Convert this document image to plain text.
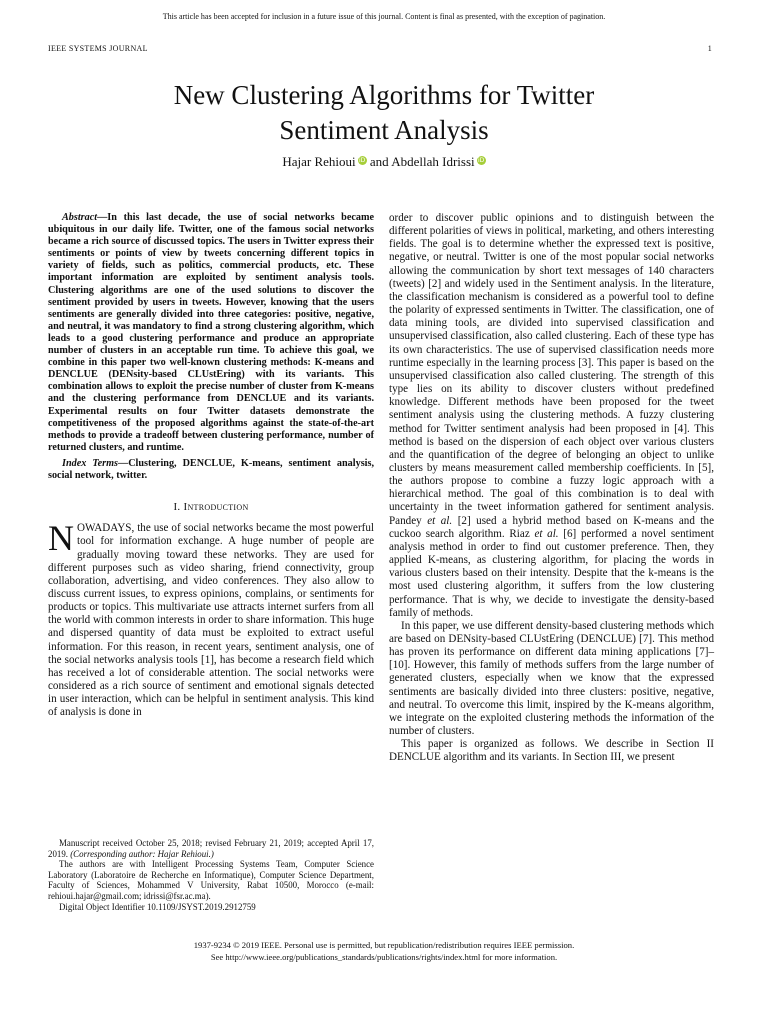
This article has been accepted for inclusion in a future issue of this journal. Content is final as presented, with the exception of pagination.
IEEE SYSTEMS JOURNAL	1
New Clustering Algorithms for Twitter
Sentiment Analysis
Hajar Rehioui iD and Abdellah Idrissi iD

Abstract—In this last decade, the use of social networks became ubiquitous in our daily life. Twitter, one of the famous social networks became a rich source of discussed topics. The users in Twitter express their sentiments or points of view by tweets concerning different topics in variety of fields, such as politics, commercial products, etc. These important information are exploited by sentiment analysis tools. Clustering algorithms are one of the used solutions to discover the sentiment provided by users in tweets. However, knowing that the users sentiments are generally divided into three categories: positive, negative, and neutral, it was mandatory to find a strong clustering algorithm, which leads to a good clustering performance and produce an appropriate number of clusters in an acceptable run time. To achieve this goal, we combine in this paper two well-known clustering methods: K-means and DENCLUE (DENsity-based CLUstEring) with its variants. This combination allows to exploit the precise number of cluster from K-means and the clustering performance from DENCLUE and its variants. Experimental results on four Twitter datasets demonstrate the competitiveness of the proposed algorithms against the state-of-the-art methods to provide a tradeoff between clustering performance, number of returned clusters, and runtime.

Index Terms—Clustering, DENCLUE, K-means, sentiment analysis, social network, twitter.

I. Introduction

NOWADAYS, the use of social networks became the most powerful tool for information exchange. A huge number of people are gradually moving toward these networks. They are used for different purposes such as video sharing, friend connectivity, group collaboration, advertising, and video conferences. They also allow to discuss current issues, to express opinions, complains, or sentiments for products or topics. This multivariate use attracts internet surfers from all the world with common interests in order to share information. This huge and dispersed quantity of data must be exploited to extract useful information. For this reason, in recent years, sentiment analysis, one of the social networks analysis tools [1], has become a research field which has received a lot of considerable attention. The social networks were considered as a rich source of sentiment and emotional signals detected in user interaction, which can be helpful in sentiment analysis. This kind of analysis is done in

Manuscript received October 25, 2018; revised February 21, 2019; accepted April 17, 2019. (Corresponding author: Hajar Rehioui.)

The authors are with Intelligent Processing Systems Team, Computer Science Laboratory (Laboratoire de Recherche en Informatique), Computer Science Department, Faculty of Sciences, Mohammed V University, Rabat 10500, Morocco (e-mail: rehioui.hajar@gmail.com; idrissi@fsr.ac.ma).

Digital Object Identifier 10.1109/JSYST.2019.2912759

order to discover public opinions and to distinguish between the different polarities of views in political, marketing, and others interesting fields. The goal is to determine whether the expressed text is positive, negative, or neutral. Twitter is one of the most popular social networks allowing the communication by short text messages of 140 characters (tweets) [2] and widely used in the Sentiment analysis. In the literature, the classification mechanism is considered as a powerful tool to define the polarity of expressed sentiments in Twitter. The classification, one of data mining tools, are divided into supervised classification and unsupervised classification, also called clustering. Each of these type has its own characteristics. The use of supervised classification needs more runtime especially in the learning process [3]. This paper is based on the unsupervised classification also called clustering. The strength of this type lies on its ability to discover clusters without predefined knowledge. Different methods have been proposed for the tweet sentiment analysis using the clustering methods. A fuzzy clustering method for Twitter sentiment analysis had been proposed in [4]. This method is based on the dispersion of each object over various clusters and the quantification of the degree of belonging an object to unlike clusters by means measurement called membership coefficients. In [5], the authors propose to combine a fuzzy logic approach with a hierarchical method. The goal of this combination is to deal with uncertainty in the tweet information gathered for sentiment analysis. Pandey et al. [2] used a hybrid method based on K-means and the cuckoo search algorithm. Riaz et al. [6] performed a novel sentiment analysis method in order to find out customer preference. Then, they applied K-means, as clustering algorithm, for placing the words in various clusters based on their intensity. Despite that the k-means is the most used clustering algorithm, it suffers from the low clustering performance. That is why, we decide to investigate the density-based family of methods.

In this paper, we use different density-based clustering methods which are based on DENsity-based CLUstEring (DENCLUE) [7]. This method has proven its performance on different data mining applications [7]–[10]. However, this family of methods suffers from the large number of generated clusters, especially when we know that the expressed sentiments are basically divided into three clusters: positive, negative, and neutral. To overcome this limit, inspired by the K-means algorithm, we integrate on the exploited clustering methods the information of the number of clusters.

This paper is organized as follows. We describe in Section II DENCLUE algorithm and its variants. In Section III, we present

1937-9234 © 2019 IEEE. Personal use is permitted, but republication/redistribution requires IEEE permission.
See http://www.ieee.org/publications_standards/publications/rights/index.html for more information.
